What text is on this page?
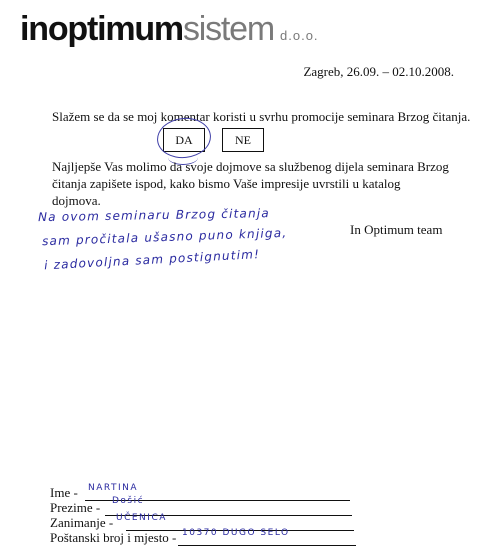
inoptimumsistem d.o.o.
Zagreb, 26.09. – 02.10.2008.
Slažem se da se moj komentar koristi u svrhu promocije seminara Brzog čitanja.
DA	NE
Najljepše Vas molimo da svoje dojmove sa službenog dijela seminara Brzog čitanja zapišete ispod, kako bismo Vaše impresije uvrstili u katalog dojmova.
Na ovom seminaru Brzog čitanja
sam pročitala ušasno puno knjiga,
i zadovoljna sam postignutim!
In Optimum team
Ime - NARTINA
Prezime - Došić
Zanimanje - UČENICA
Poštanski broj i mjesto - 10370 DUGO SELO
